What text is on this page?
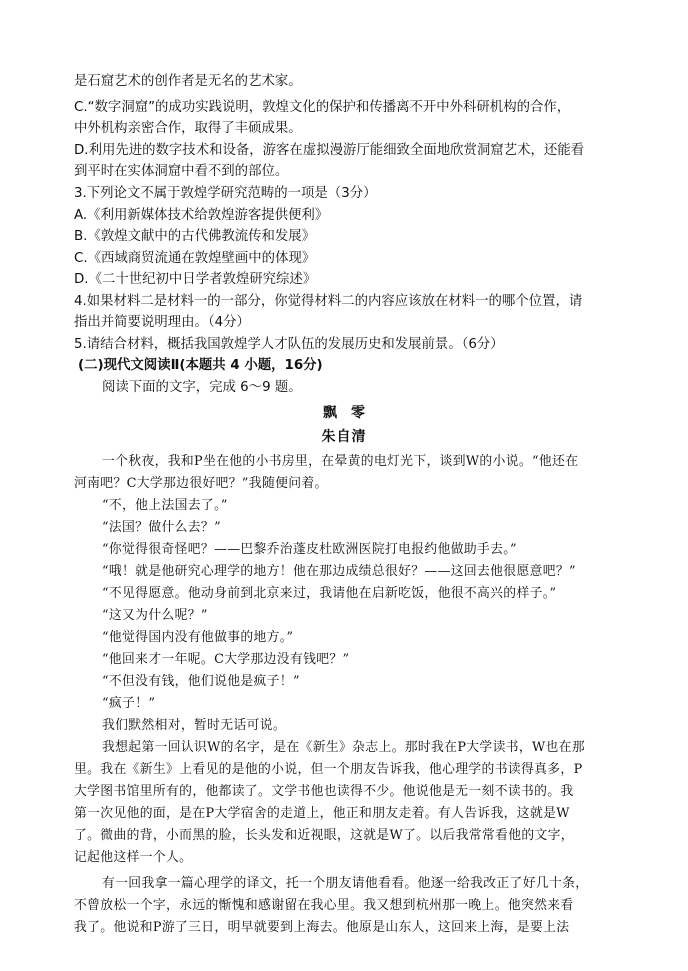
是石窟艺术的创作者是无名的艺术家。
C.“数字洞窟”的成功实践说明，敦煌文化的保护和传播离不开中外科研机构的合作，
中外机构亲密合作，取得了丰硕成果。
D.利用先进的数字技术和设备，游客在虚拟漫游厅能细致全面地欣赏洞窟艺术，还能看
到平时在实体洞窟中看不到的部位。
3.下列论文不属于敦煌学研究范畴的一项是（3分）
A.《利用新媒体技术给敦煌游客提供便利》
B.《敦煌文献中的古代佛教流传和发展》
C.《西域商贸流通在敦煌壁画中的体现》
D.《二十世纪初中日学者敦煌研究综述》
4.如果材料二是材料一的一部分，你觉得材料二的内容应该放在材料一的哪个位置，请
指出并简要说明理由。（4分）
5.请结合材料，概括我国敦煌学人才队伍的发展历史和发展前景。（6分）
(二)现代文阅读Ⅱ(本题共 4 小题，16分)
阅读下面的文字，完成 6～9 题。
飘零
朱自清
一个秋夜，我和P坐在他的小书房里，在晕黄的电灯光下，谈到W的小说。“他还在
河南吧？C大学那边很好吧？”我随便问着。
“不，他上法国去了。”
“法国？做什么去？”
“你觉得很奇怪吧？——巴黎乔治蓬皮杜欧洲医院打电报约他做助手去。”
“哦！就是他研究心理学的地方！他在那边成绩总很好？——这回去他很愿意吧？”
“不见得愿意。他动身前到北京来过，我请他在启新吃饭，他很不高兴的样子。”
“这又为什么呢？”
“他觉得国内没有他做事的地方。”
“他回来才一年呢。C大学那边没有钱吧？”
“不但没有钱，他们说他是疯子！”
“疯子！”
我们默然相对，暂时无话可说。
我想起第一回认识W的名字，是在《新生》杂志上。那时我在P大学读书，W也在那
里。我在《新生》上看见的是他的小说，但一个朋友告诉我，他心理学的书读得真多，P
大学图书馆里所有的，他都读了。文学书他也读得不少。他说他是无一刻不读书的。我
第一次见他的面，是在P大学宿舍的走道上，他正和朋友走着。有人告诉我，这就是W
了。微曲的背，小而黑的脸，长头发和近视眼，这就是W了。以后我常常看他的文字，
记起他这样一个人。
有一回我拿一篇心理学的译文，托一个朋友请他看看。他逐一给我改正了好几十条，
不曾放松一个字，永远的惭愧和感谢留在我心里。我又想到杭州那一晚上。他突然来看
我了。他说和P游了三日，明早就要到上海去。他原是山东人，这回来上海，是要上法
